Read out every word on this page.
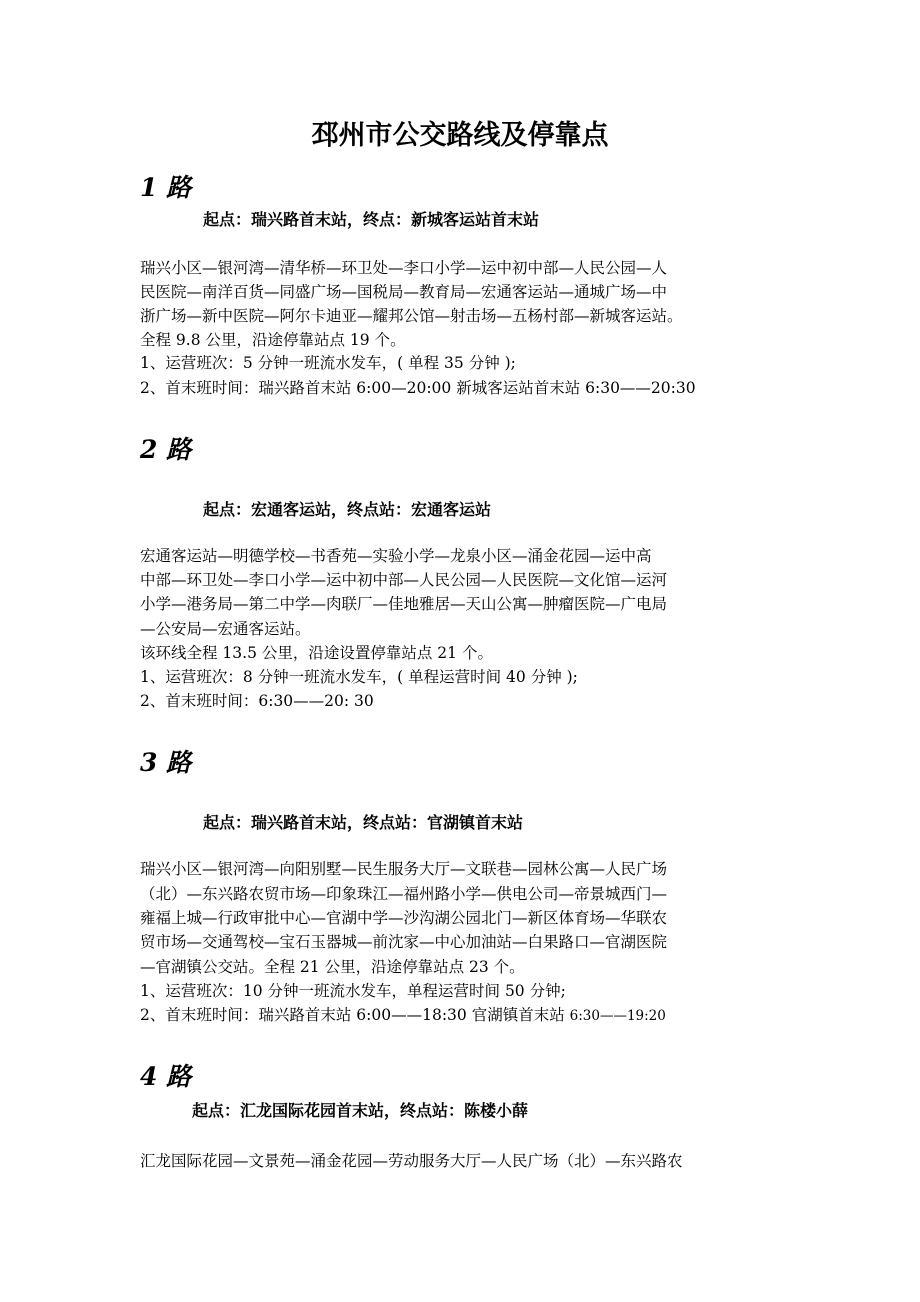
邳州市公交路线及停靠点
1 路
起点：瑞兴路首末站，终点：新城客运站首末站
瑞兴小区—银河湾—清华桥—环卫处—李口小学—运中初中部—人民公园—人
民医院—南洋百货—同盛广场—国税局—教育局—宏通客运站—通城广场—中
浙广场—新中医院—阿尔卡迪亚—耀邦公馆—射击场—五杨村部—新城客运站。
全程 9.8 公里，沿途停靠站点 19 个。
1、运营班次：5 分钟一班流水发车，( 单程 35 分钟 );
2、首末班时间：瑞兴路首末站 6:00—20:00 新城客运站首末站 6:30——20:30
2 路
起点：宏通客运站，终点站：宏通客运站
宏通客运站—明德学校—书香苑—实验小学—龙泉小区—涌金花园—运中高
中部—环卫处—李口小学—运中初中部—人民公园—人民医院—文化馆—运河
小学—港务局—第二中学—肉联厂—佳地雅居—天山公寓—肿瘤医院—广电局
—公安局—宏通客运站。
该环线全程 13.5 公里，沿途设置停靠站点 21 个。
1、运营班次：8 分钟一班流水发车，( 单程运营时间 40 分钟 );
2、首末班时间：6:30——20: 30
3 路
起点：瑞兴路首末站，终点站：官湖镇首末站
瑞兴小区—银河湾—向阳别墅—民生服务大厅—文联巷—园林公寓—人民广场
（北）—东兴路农贸市场—印象珠江—福州路小学—供电公司—帝景城西门—
雍福上城—行政审批中心—官湖中学—沙沟湖公园北门—新区体育场—华联农
贸市场—交通驾校—宝石玉器城—前沈家—中心加油站—白果路口—官湖医院
—官湖镇公交站。全程 21 公里，沿途停靠站点 23 个。
1、运营班次：10 分钟一班流水发车，单程运营时间 50 分钟;
2、首末班时间：瑞兴路首末站 6:00——18:30 官湖镇首末站 6:30——19:20
4 路
起点：汇龙国际花园首末站，终点站：陈楼小薛
汇龙国际花园—文景苑—涌金花园—劳动服务大厅—人民广场（北）—东兴路农
